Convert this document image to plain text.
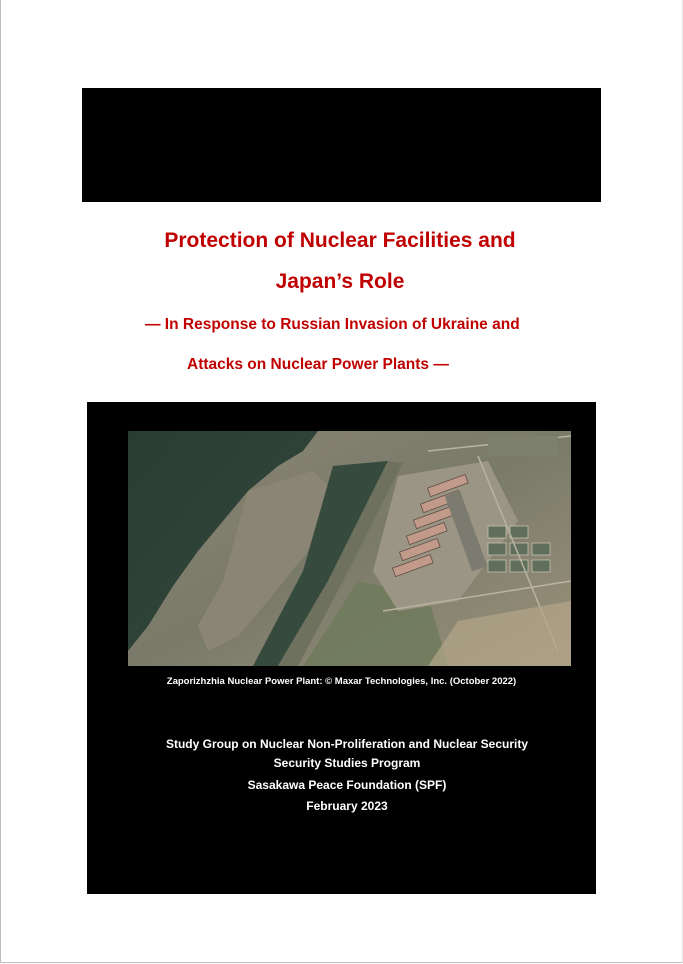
Protection of Nuclear Facilities and
Japan’s Role
— In Response to Russian Invasion of Ukraine and
Attacks on Nuclear Power Plants —
Zaporizhzhia Nuclear Power Plant: © Maxar Technologies, Inc. (October 2022)
Study Group on Nuclear Non-Proliferation and Nuclear Security
Security Studies Program
Sasakawa Peace Foundation (SPF)
February 2023
